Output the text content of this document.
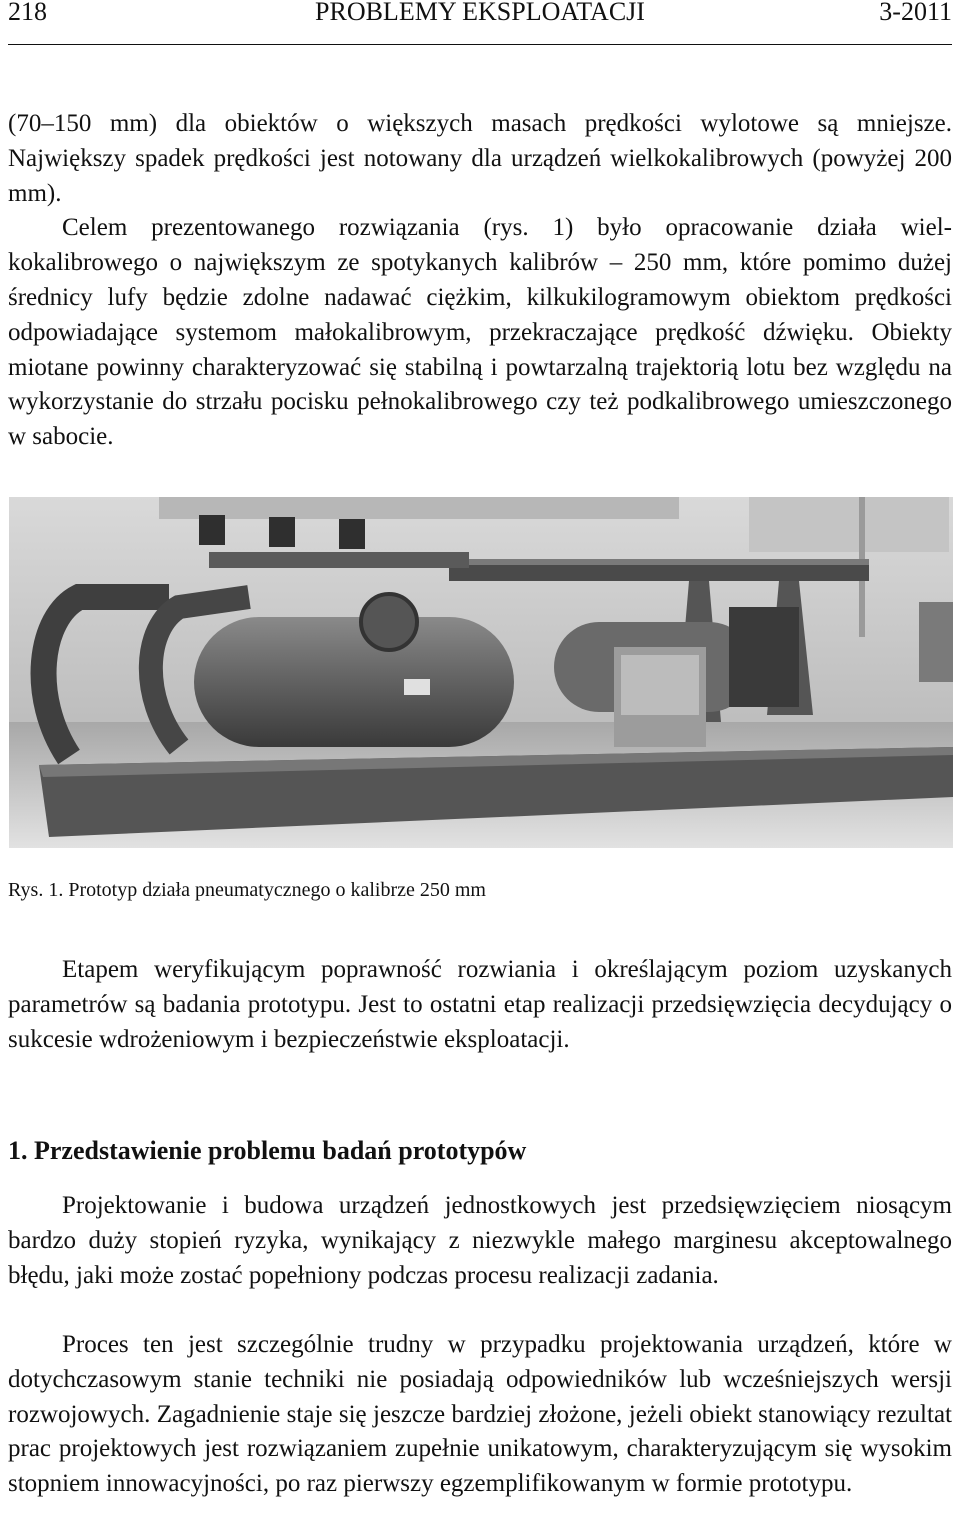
218	PROBLEMY EKSPLOATACJI	3-2011
(70–150 mm) dla obiektów o większych masach prędkości wylotowe są mniejsze. Największy spadek prędkości jest notowany dla urządzeń wielkokalibrowych (powyżej 200 mm).
Celem prezentowanego rozwiązania (rys. 1) było opracowanie działa wielkokalibrowego o największym ze spotykanych kalibrów – 250 mm, które pomimo dużej średnicy lufy będzie zdolne nadawać ciężkim, kilkukilogramowym obiektom prędkości odpowiadające systemom małokalibrowym, przekraczające prędkość dźwięku. Obiekty miotane powinny charakteryzować się stabilną i powtarzalną trajektorią lotu bez względu na wykorzystanie do strzału pocisku pełnokalibrowego czy też podkalibrowego umieszczonego w sabocie.
Rys. 1. Prototyp działa pneumatycznego o kalibrze 250 mm
Etapem weryfikującym poprawność rozwiania i określającym poziom uzyskanych parametrów są badania prototypu. Jest to ostatni etap realizacji przedsięwzięcia decydujący o sukcesie wdrożeniowym i bezpieczeństwie eksploatacji.
1. Przedstawienie problemu badań prototypów
Projektowanie i budowa urządzeń jednostkowych jest przedsięwzięciem niosącym bardzo duży stopień ryzyka, wynikający z niezwykle małego marginesu akceptowalnego błędu, jaki może zostać popełniony podczas procesu realizacji zadania.
Proces ten jest szczególnie trudny w przypadku projektowania urządzeń, które w dotychczasowym stanie techniki nie posiadają odpowiedników lub wcześniejszych wersji rozwojowych. Zagadnienie staje się jeszcze bardziej złożone, jeżeli obiekt stanowiący rezultat prac projektowych jest rozwiązaniem zupełnie unikatowym, charakteryzującym się wysokim stopniem innowacyjności, po raz pierwszy egzemplifikowanym w formie prototypu.
